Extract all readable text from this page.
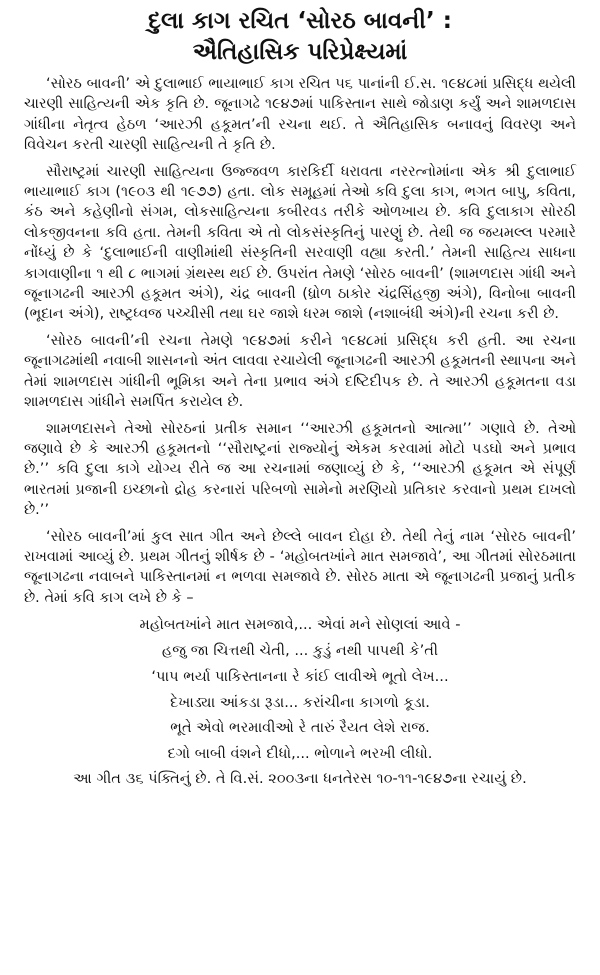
દુલા કાગ રચિત ‘સોરઠ બાવની’ :
ઐતિહાસિક પરિપ્રેક્ષ્યમાં

‘સોરઠ બાવની’ એ દુલાભાઈ ભાયાભાઈ કાગ રચિત ૫૬ પાનાંની ઈ.સ. ૧૯૪૮માં પ્રસિદ્ધ થયેલી ચારણી સાહિત્યની એક કૃતિ છે. જૂનાગઢે ૧૯૪૭માં પાકિસ્તાન સાથે જોડાણ કર્યું અને શામળદાસ ગાંધીના નેતૃત્વ હેઠળ ‘આરઝી હકૂમત’ની રચના થઈ. તે ઐતિહાસિક બનાવનું વિવરણ અને વિવેચન કરતી ચારણી સાહિત્યની તે કૃતિ છે.

સૌરાષ્ટ્રમાં ચારણી સાહિત્યના ઉજ્જવળ કારકિર્દી ધરાવતા નરરત્નોમાંના એક શ્રી દુલાભાઈ ભાયાભાઈ કાગ (૧૯૦૩ થી ૧૯૭૭) હતા. લોક સમૂહમાં તેઓ કવિ દુલા કાગ, ભગત બાપુ, કવિતા, કંઠ અને કહેણીનો સંગમ, લોકસાહિત્યના કબીરવડ તરીકે ઓળખાય છે. કવિ દુલાકાગ સોરઠી લોકજીવનના કવિ હતા. તેમની કવિતા એ તો લોકસંસ્કૃતિનું પારણું છે. તેથી જ જયમલ્લ પરમારે નોંધ્યું છે કે ‘દુલાભાઈની વાણીમાંથી સંસ્કૃતિની સરવાણી વહ્યા કરતી.’ તેમની સાહિત્ય સાધના કાગવાણીના ૧ થી ૮ ભાગમાં ગ્રંથસ્થ થઈ છે. ઉપરાંત તેમણે ‘સોરઠ બાવની’ (શામળદાસ ગાંધી અને જૂનાગઢની આરઝી હકૂમત અંગે), ચંદ્ર બાવની (ધ્રોળ ઠાકોર ચંદ્રસિંહજી અંગે), વિનોબા બાવની (ભૂદાન અંગે), રાષ્ટ્રધ્વજ પચ્ચીસી તથા ઘર જાશે ધરમ જાશે (નશાબંધી અંગે)ની રચના કરી છે.

‘સોરઠ બાવની’ની રચના તેમણે ૧૯૪૭માં કરીને ૧૯૪૮માં પ્રસિદ્ધ કરી હતી. આ રચના જૂનાગઢમાંથી નવાબી શાસનનો અંત લાવવા રચાયેલી જૂનાગઢની આરઝી હકૂમતની સ્થાપના અને તેમાં શામળદાસ ગાંધીની ભૂમિકા અને તેના પ્રભાવ અંગે દષ્ટિદીપક છે. તે આરઝી હકૂમતના વડા શામળદાસ ગાંધીને સમર્પિત કરાયેલ છે.

શામળદાસને તેઓ સોરઠનાં પ્રતીક સમાન ‘‘આરઝી હકૂમતનો આત્મા’’ ગણાવે છે. તેઓ જણાવે છે કે આરઝી હકૂમતનો ‘‘સૌરાષ્ટ્રનાં રાજ્યોનું એકમ કરવામાં મોટો પડઘો અને પ્રભાવ છે.’’ કવિ દુલા કાગે યોગ્ય રીતે જ આ રચનામાં જણાવ્યું છે કે, ‘‘આરઝી હકૂમત એ સંપૂર્ણ ભારતમાં પ્રજાની ઇચ્છાનો દ્રોહ કરનારાં પરિબળો સામેનો મરણિયો પ્રતિકાર કરવાનો પ્રથમ દાખલો છે.’’

‘સોરઠ બાવની’માં કુલ સાત ગીત અને છેલ્લે બાવન દોહા છે. તેથી તેનું નામ ‘સોરઠ બાવની’ રાખવામાં આવ્યું છે. પ્રથમ ગીતનું શીર્ષક છે - ‘મહોબતખાંને માત સમજાવે’, આ ગીતમાં સોરઠમાતા જૂનાગઢના નવાબને પાકિસ્તાનમાં ન ભળવા સમજાવે છે. સોરઠ માતા એ જૂનાગઢની પ્રજાનું પ્રતીક છે. તેમાં કવિ કાગ લખે છે કે –

મહોબતખાંને માત સમજાવે,... એવાં મને સોણલાં આવે -
હજુ જા ચિત્તથી ચેતી, ... કુડું નથી પાપથી કે’તી
‘પાપ ભર્યા પાકિસ્તાનના રે કાંઈ લાવીએ ભૂતો લેખ...
દેખાડ્યા આંકડા રૂડા... કરાંચીના કાગળો કૂડા.
ભૂતે એવો ભરમાવીઓ રે તારું રૈયત લેશે રાજ.
દગો બાબી વંશને દીધો,... ભોળાને ભરખી લીધો.

આ ગીત ૩૬ પંક્તિનું છે. તે વિ.સં. ૨૦૦૩ના ધનતેરસ ૧૦-૧૧-૧૯૪૭ના રચાયું છે.
